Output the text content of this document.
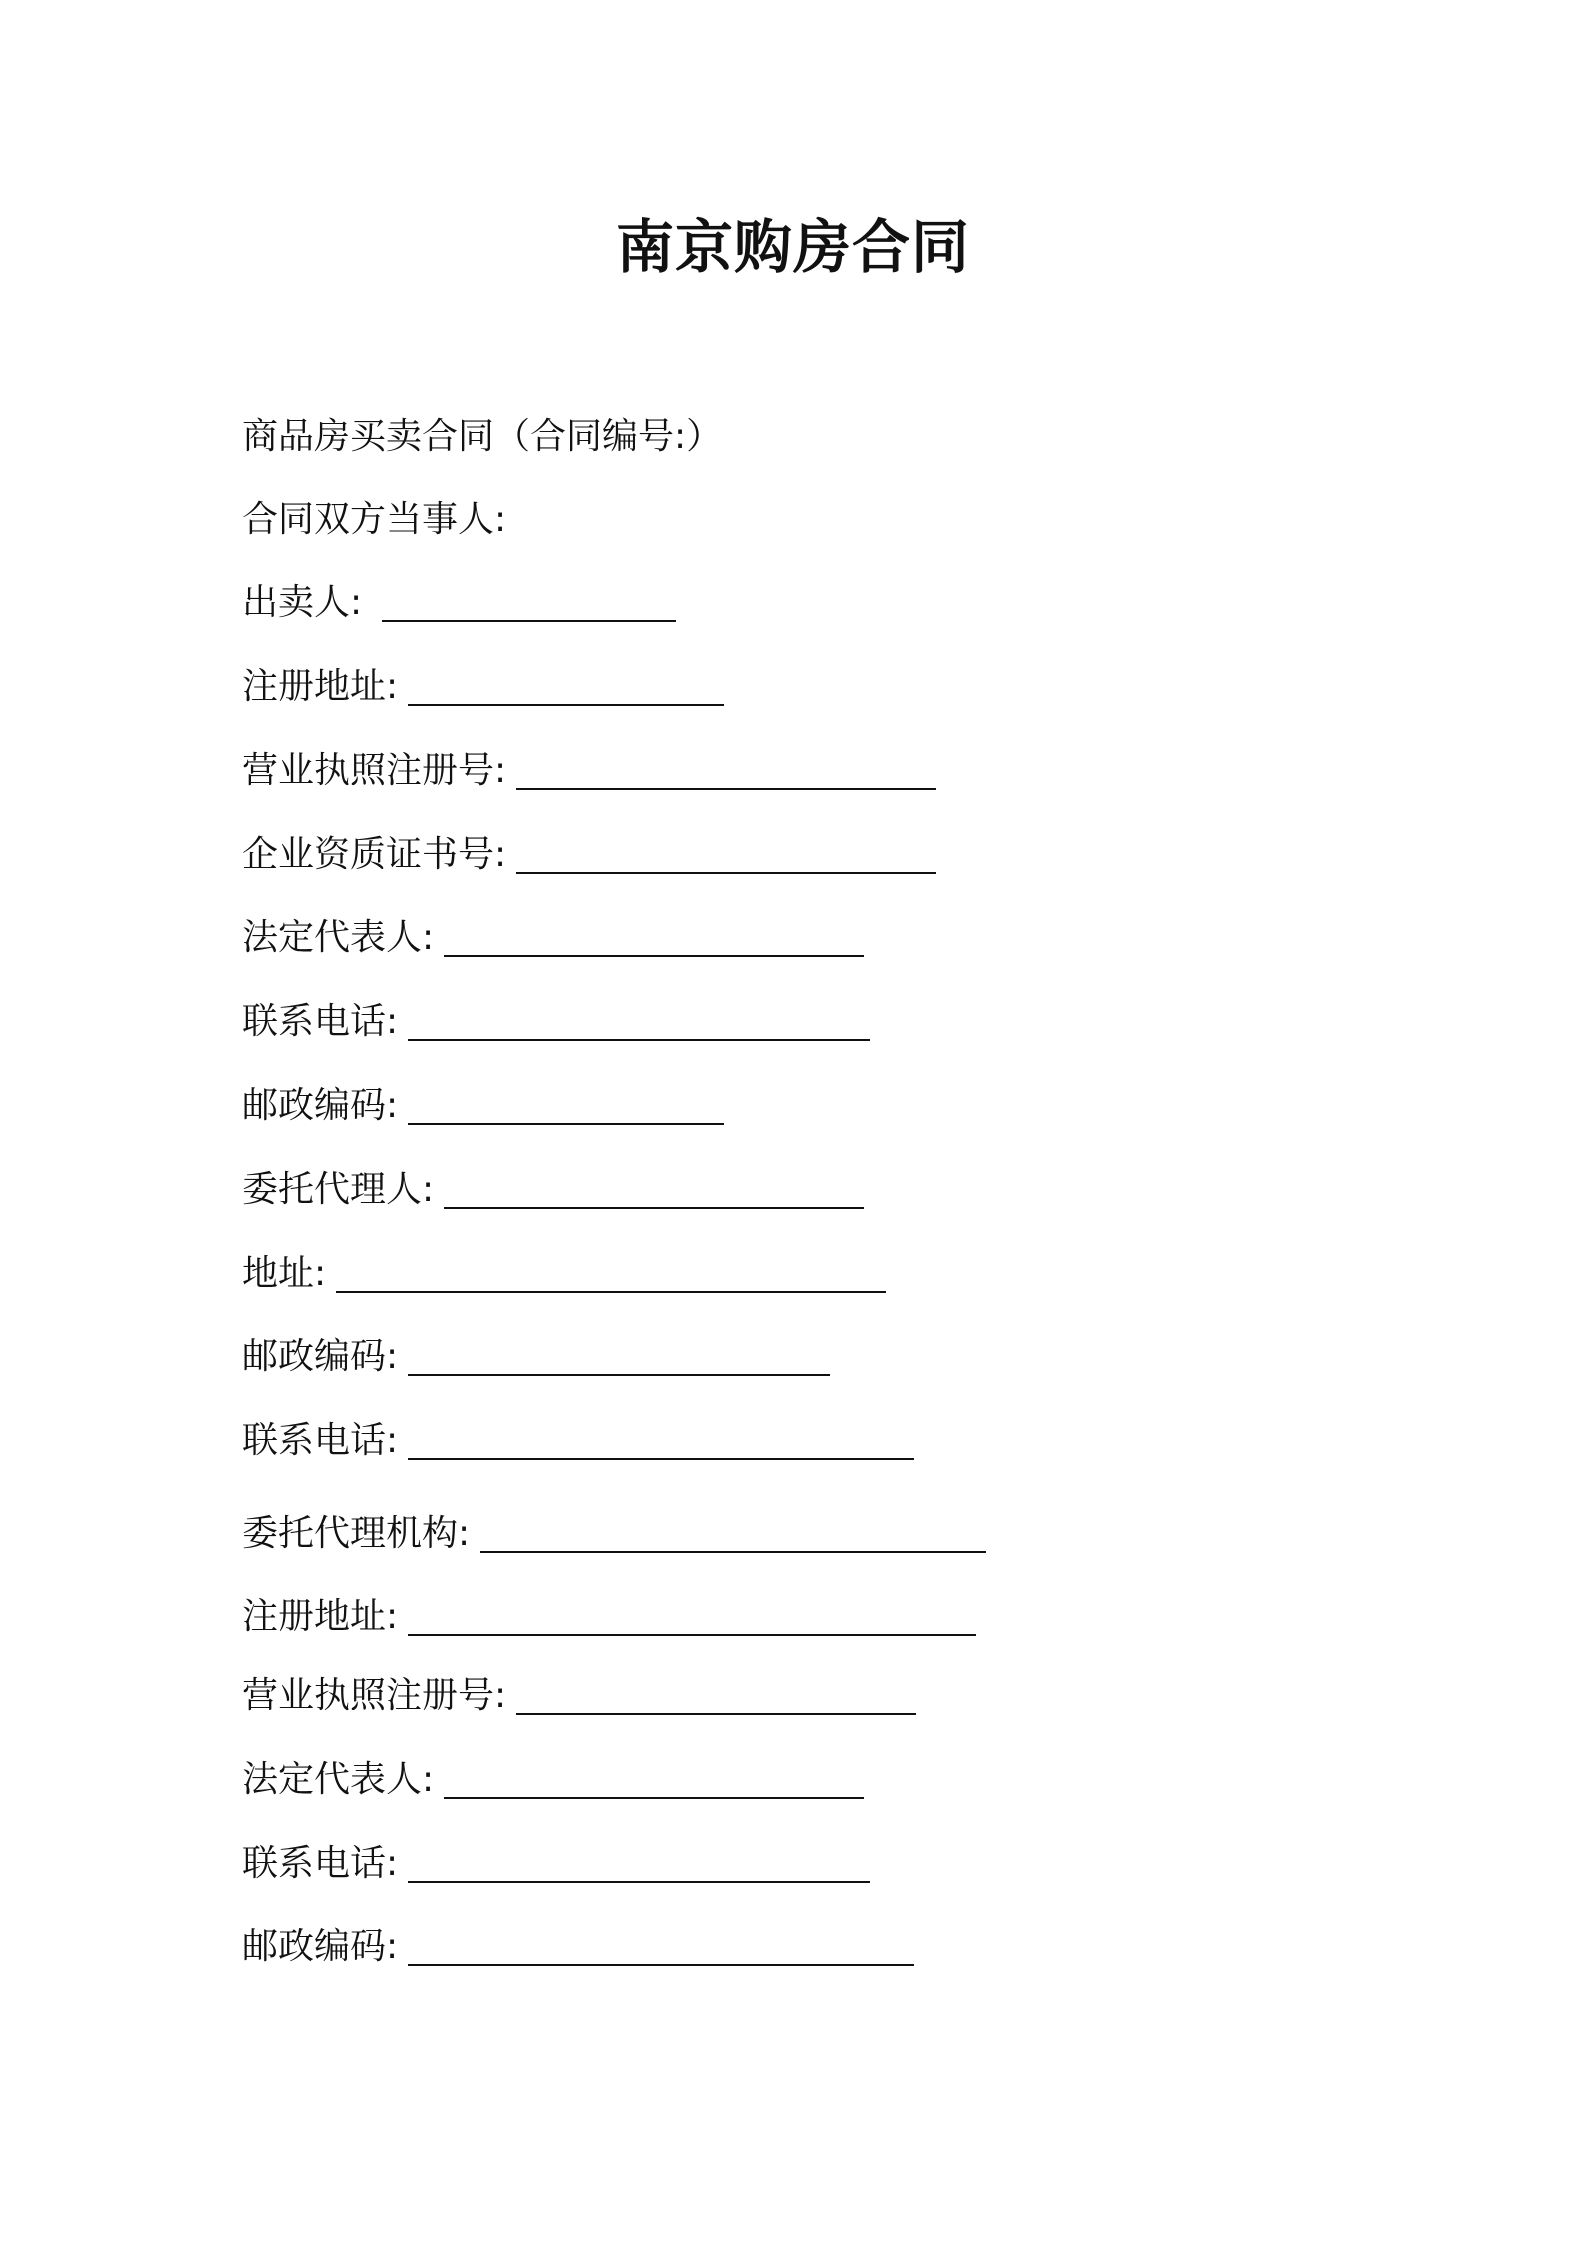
南京购房合同
商品房买卖合同（合同编号:）
合同双方当事人:
出卖人:
注册地址:
营业执照注册号:
企业资质证书号:
法定代表人:
联系电话:
邮政编码:
委托代理人:
地址:
邮政编码:
联系电话:
委托代理机构:
注册地址:
营业执照注册号:
法定代表人:
联系电话:
邮政编码:
